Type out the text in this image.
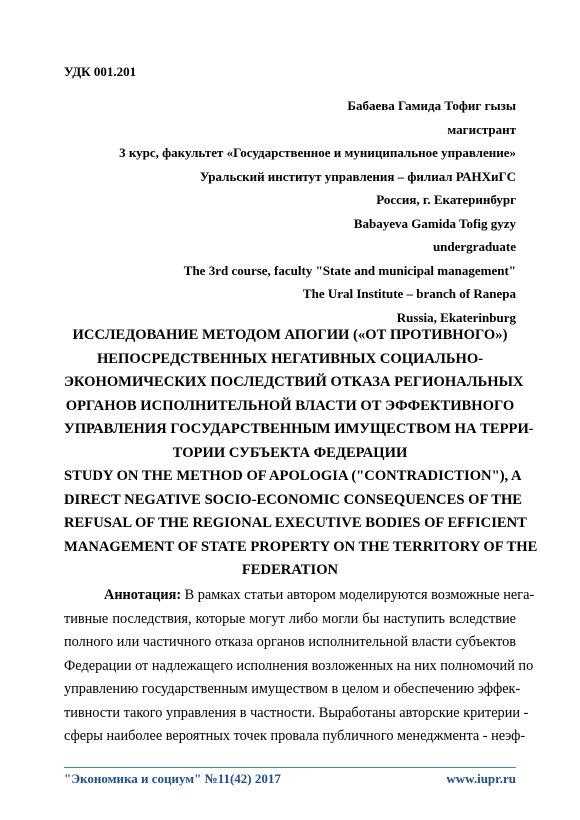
УДК 001.201
Бабаева Гамида Тофиг гызы
магистрант
3 курс, факультет «Государственное и муниципальное управление»
Уральский институт управления – филиал РАНХиГС
Россия, г. Екатеринбург
Babayeva Gamida Tofig gyzy
undergraduate
The 3rd course, faculty "State and municipal management"
The Ural Institute – branch of Ranepa
Russia, Ekaterinburg
ИССЛЕДОВАНИЕ МЕТОДОМ АПОГИИ («ОТ ПРОТИВНОГО»)
НЕПОСРЕДСТВЕННЫХ НЕГАТИВНЫХ СОЦИАЛЬНО-
ЭКОНОМИЧЕСКИХ ПОСЛЕДСТВИЙ ОТКАЗА РЕГИОНАЛЬНЫХ
ОРГАНОВ ИСПОЛНИТЕЛЬНОЙ ВЛАСТИ ОТ ЭФФЕКТИВНОГО
УПРАВЛЕНИЯ ГОСУДАРСТВЕННЫМ ИМУЩЕСТВОМ НА ТЕРРИ-
ТОРИИ СУБЪЕКТА ФЕДЕРАЦИИ
STUDY ON THE METHOD OF APOLOGIA ("CONTRADICTION"), A
DIRECT NEGATIVE SOCIO-ECONOMIC CONSEQUENCES OF THE
REFUSAL OF THE REGIONAL EXECUTIVE BODIES OF EFFICIENT
MANAGEMENT OF STATE PROPERTY ON THE TERRITORY OF THE
FEDERATION
Аннотация: В рамках статьи автором моделируются возможные нега-
тивные последствия, которые могут либо могли бы наступить вследствие
полного или частичного отказа органов исполнительной власти субъектов
Федерации от надлежащего исполнения возложенных на них полномочий по
управлению государственным имуществом в целом и обеспечению эффек-
тивности такого управления в частности. Выработаны авторские критерии -
сферы наиболее вероятных точек провала публичного менеджмента - неэф-
"Экономика и социум" №11(42) 2017	www.iupr.ru
